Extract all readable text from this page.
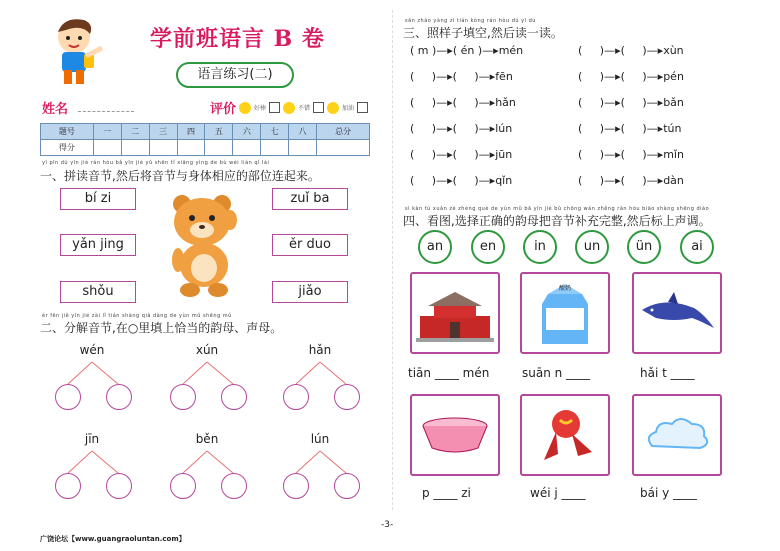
学前班语言 B 卷
语言练习(二)
姓名	评价	好棒	不错	加油
题号	一	二	三	四	五	六	七	八	总分
得分									
yī pīn dú yīn jié rán hòu bǎ yīn jié yǔ shēn tǐ xiāng yìng de bù wèi lián qǐ lái
一、拼读音节,然后将音节与身体相应的部位连起来。
bí zi
yǎn jing
shǒu
zuǐ ba
ěr duo
jiǎo
èr fēn jiě yīn jié zài lǐ tián shàng qià dàng de yùn mǔ shēng mǔ
二、分解音节,在○里填上恰当的韵母、声母。
wén	xún	hǎn
jīn	běn	lún
广饶论坛【www.guangraoluntan.com】
-3-
sān zhào yàng zi tián kòng rán hòu dú yī dú
三、照样子填空,然后读一读。
( m )—▸( én )—▸mén
(     )—▸(     )—▸fēn
(     )—▸(     )—▸hǎn
(     )—▸(     )—▸lún
(     )—▸(     )—▸jūn
(     )—▸(     )—▸qǐn
(     )—▸(     )—▸xùn
(     )—▸(     )—▸pén
(     )—▸(     )—▸bǎn
(     )—▸(     )—▸tún
(     )—▸(     )—▸mǐn
(     )—▸(     )—▸dàn
sì kàn tú xuǎn zé zhèng què de yùn mǔ bǎ yīn jié bǔ chōng wán zhěng rán hòu biāo shàng shēng diào
四、看图,选择正确的韵母把音节补充完整,然后标上声调。
an	en	in	un	ün	ai
酸奶
tiān ____ mén	suān n ____	hǎi t ____
p ____ zi	wéi j ____	bái y ____
